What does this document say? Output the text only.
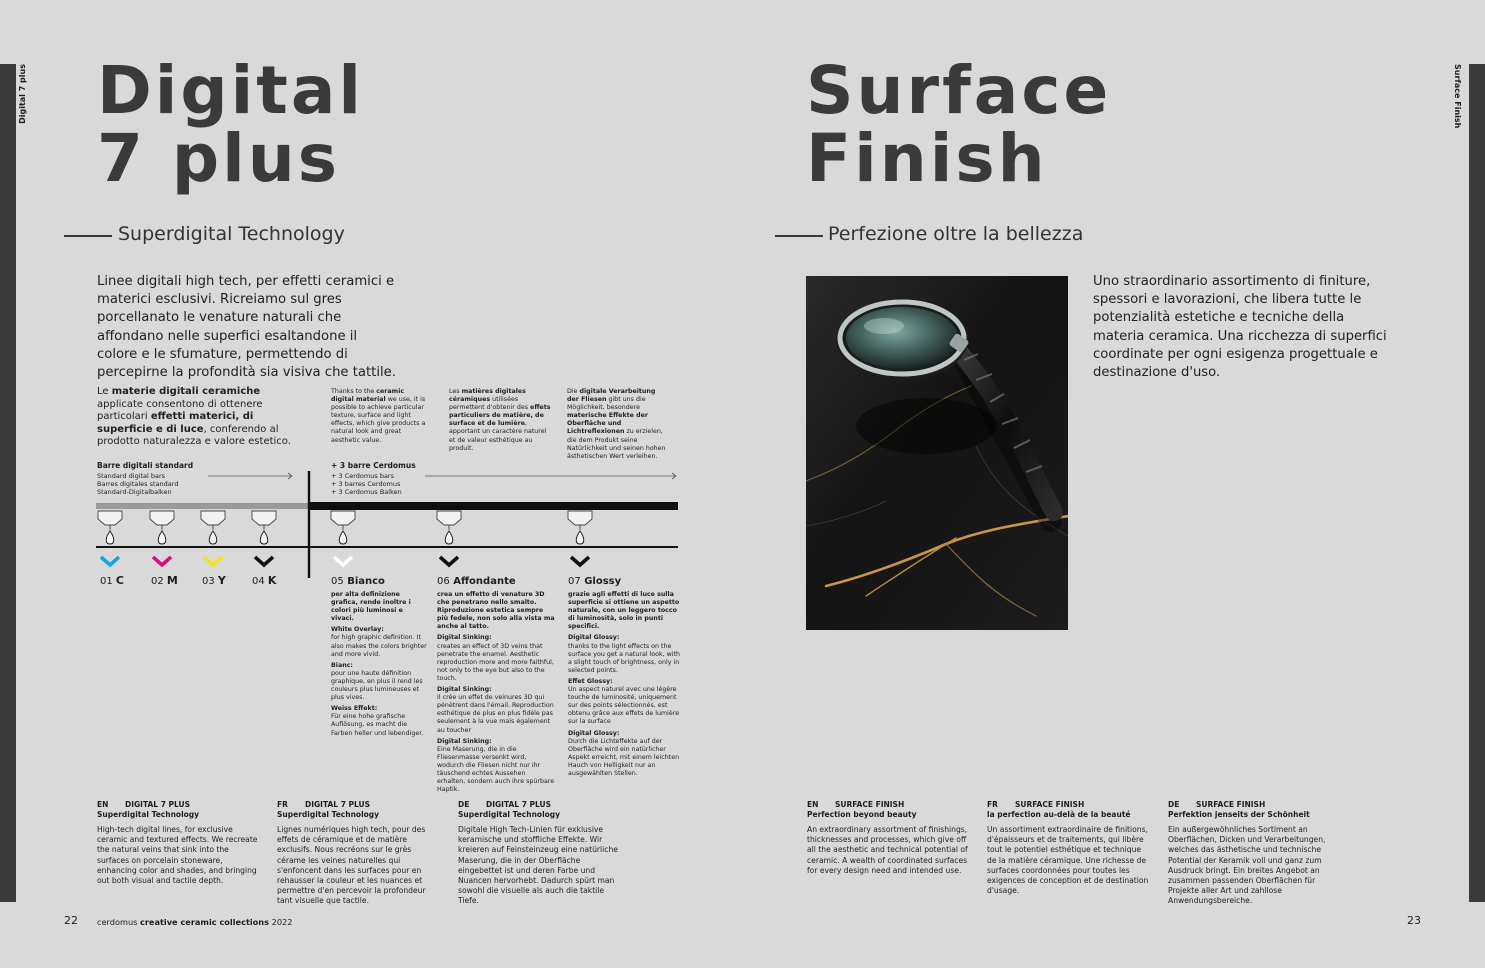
Digital 7 plus	Surface Finish
Digital
7 plus
Superdigital Technology
Linee digitali high tech, per effetti ceramici e materici esclusivi. Ricreiamo sul gres porcellanato le venature naturali che affondano nelle superfici esaltandone il colore e le sfumature, permettendo di percepirne la profondità sia visiva che tattile.
Le materie digitali ceramiche applicate consentono di ottenere particolari effetti materici, di superficie e di luce, conferendo al prodotto naturalezza e valore estetico.
Thanks to the ceramic digital material we use, it is possible to achieve particular texture, surface and light effects, which give products a natural look and great aesthetic value.
Les matières digitales céramiques utilisées permettent d'obtenir des effets particuliers de matière, de surface et de lumière, apportant un caractère naturel et de valeur esthétique au produit.
Die digitale Verarbeitung der Fliesen gibt uns die Möglichkeit, besondere materische Effekte der Oberfläche und Lichtreflexionen zu erzielen, die dem Produkt seine Natürlichkeit und seinen hohen ästhetischen Wert verleihen.
Barre digitali standard
Standard digital bars
Barres digitales standard
Standard-Digitalbalken
+ 3 barre Cerdomus
+ 3 Cerdomus bars
+ 3 barres Cerdomus
+ 3 Cerdomus Balken
01 C	02 M 03 Y	04 K	05 Bianco
per alta definizione grafica, rende inoltre i colori più luminosi e vivaci.
White Overlay:
for high graphic definition. It also makes the colors brighter and more vivid.
Bianc:
pour une haute définition graphique, en plus il rend les couleurs plus lumineuses et plus vives.
Weiss Effekt:
Für eine hohe grafische Auflösung, es macht die Farben heller und lebendiger.
06 Affondante
crea un effetto di venature 3D che penetrano nello smalto. Riproduzione estetica sempre più fedele, non solo alla vista ma anche al tatto.
Digital Sinking:
creates an effect of 3D veins that penetrate the enamel. Aesthetic reproduction more and more faithful, not only to the eye but also to the touch.
Digital Sinking:
Il crée un effet de veinures 3D qui pénètrent dans l'émail. Reproduction esthétique de plus en plus fidèle pas seulement à la vue mais également au toucher
Digital Sinking:
Eine Maserung, die in die Fliesenmasse versenkt wird, wodurch die Fliesen nicht nur ihr täuschend echtes Aussehen erhalten, sondern auch ihre spürbare Haptik.
07 Glossy
grazie agli effetti di luce sulla superficie si ottiene un aspetto naturale, con un leggero tocco di luminosità, solo in punti specifici.
Digital Glossy:
thanks to the light effects on the surface you get a natural look, with a slight touch of brightness, only in selected points.
Effet Glossy:
Un aspect naturel avec une légère touche de luminosité, uniquement sur des points sélectionnés, est obtenu grâce aux effets de lumière sur la surface
Digital Glossy:
Durch die Lichteffekte auf der Oberfläche wird ein natürlicher Aspekt erreicht, mit einem leichten Hauch von Helligkeit nur an ausgewählten Stellen.
EN DIGITAL 7 PLUS
Superdigital Technology
High-tech digital lines, for exclusive ceramic and textured effects. We recreate the natural veins that sink into the surfaces on porcelain stoneware, enhancing color and shades, and bringing out both visual and tactile depth.
FR DIGITAL 7 PLUS
Superdigital Technology
Lignes numériques high tech, pour des effets de céramique et de matière exclusifs. Nous recréons sur le grès cérame les veines naturelles qui s'enfoncent dans les surfaces pour en rehausser la couleur et les nuances et permettre d'en percevoir la profondeur tant visuelle que tactile.
DE DIGITAL 7 PLUS
Superdigital Technology
Digitale High Tech-Linien für exklusive keramische und stoffliche Effekte. Wir kreieren auf Feinsteinzeug eine natürliche Maserung, die in der Oberfläche eingebettet ist und deren Farbe und Nuancen hervorhebt. Dadurch spürt man sowohl die visuelle als auch die taktile Tiefe.
22 cerdomus creative ceramic collections 2022
Surface
Finish
Perfezione oltre la bellezza
Uno straordinario assortimento di finiture, spessori e lavorazioni, che libera tutte le potenzialità estetiche e tecniche della materia ceramica. Una ricchezza di superfici coordinate per ogni esigenza progettuale e destinazione d'uso.
EN SURFACE FINISH
Perfection beyond beauty
An extraordinary assortment of finishings, thicknesses and processes, which give off all the aesthetic and technical potential of ceramic. A wealth of coordinated surfaces for every design need and intended use.
FR SURFACE FINISH
la perfection au-delà de la beauté
Un assortiment extraordinaire de finitions, d'épaisseurs et de traitements, qui libère tout le potentiel esthétique et technique de la matière céramique. Une richesse de surfaces coordonnées pour toutes les exigences de conception et de destination d'usage.
DE SURFACE FINISH
Perfektion jenseits der Schönheit
Ein außergewöhnliches Sortiment an Oberflächen, Dicken und Verarbeitungen, welches das ästhetische und technische Potential der Keramik voll und ganz zum Ausdruck bringt. Ein breites Angebot an zusammen passenden Oberflächen für Projekte aller Art und zahllose Anwendungsbereiche.
23
